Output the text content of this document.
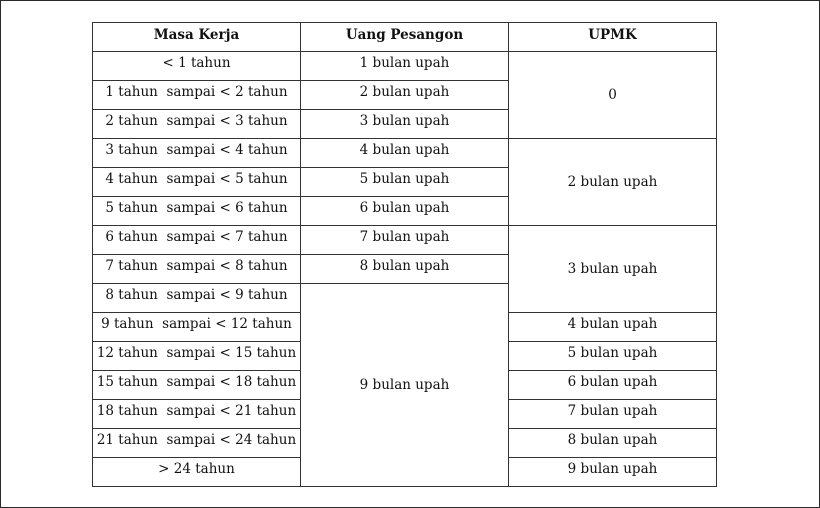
Masa Kerja	Uang Pesangon	UPMK
< 1 tahun	1 bulan upah	0
1 tahun  sampai < 2 tahun	2 bulan upah	
2 tahun  sampai < 3 tahun	3 bulan upah	
3 tahun  sampai < 4 tahun	4 bulan upah	2 bulan upah
4 tahun  sampai < 5 tahun	5 bulan upah	
5 tahun  sampai < 6 tahun	6 bulan upah	
6 tahun  sampai < 7 tahun	7 bulan upah	3 bulan upah
7 tahun  sampai < 8 tahun	8 bulan upah	
8 tahun  sampai < 9 tahun	9 bulan upah	
9 tahun  sampai < 12 tahun		4 bulan upah
12 tahun  sampai < 15 tahun		5 bulan upah
15 tahun  sampai < 18 tahun		6 bulan upah
18 tahun  sampai < 21 tahun		7 bulan upah
21 tahun  sampai < 24 tahun		8 bulan upah
> 24 tahun		9 bulan upah
